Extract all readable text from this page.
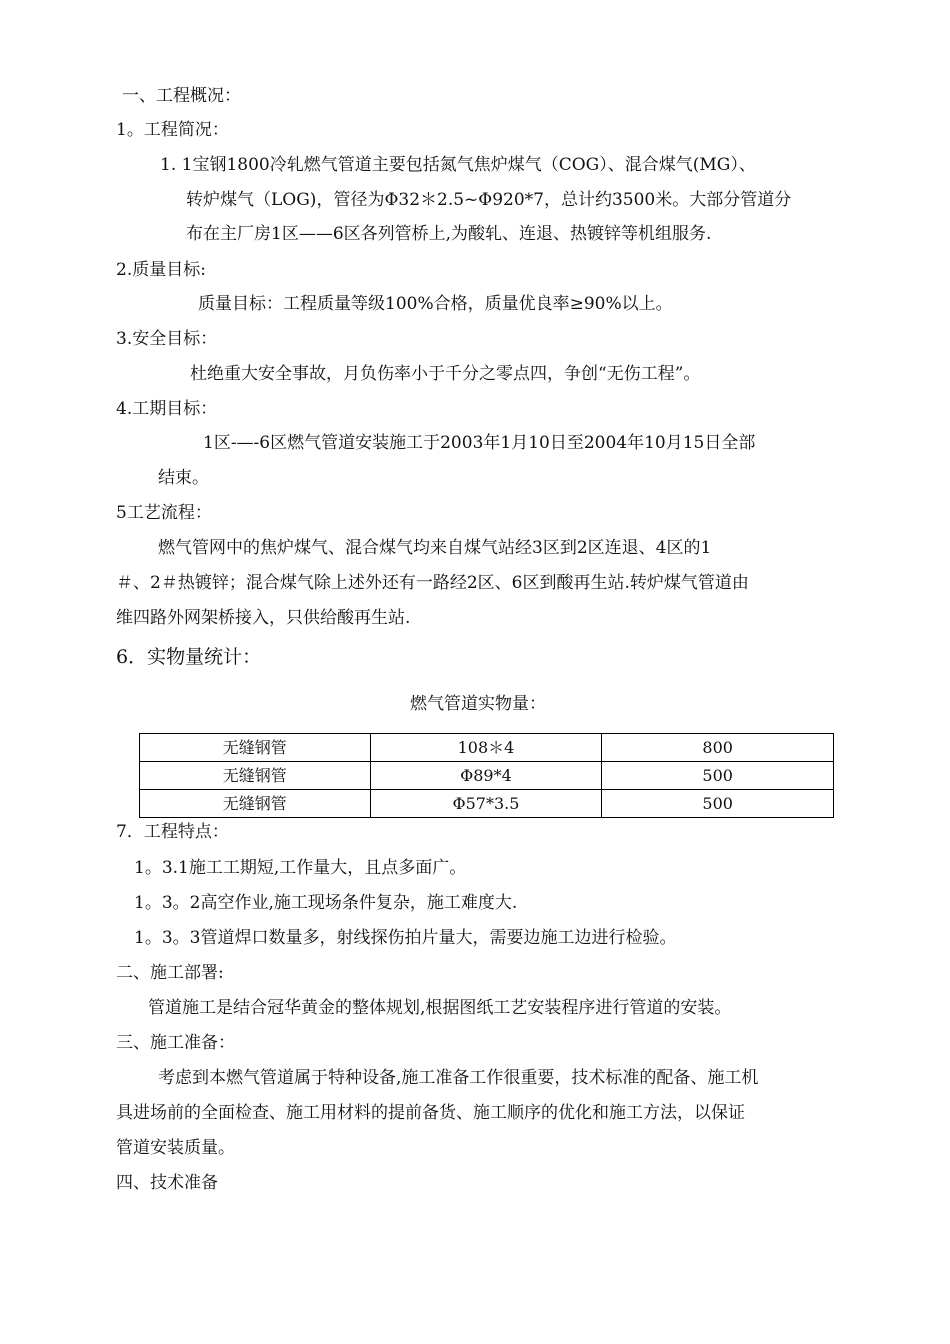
一、工程概况：
1。工程简况：
1. 1宝钢1800冷轧燃气管道主要包括氮气焦炉煤气（COG）、混合煤气(MG）、
转炉煤气（LOG)，管径为Φ32＊2.5~Φ920*7，总计约3500米。大部分管道分
布在主厂房1区——6区各列管桥上,为酸轧、连退、热镀锌等机组服务.
2.质量目标:
质量目标：工程质量等级100%合格，质量优良率≥90%以上。
3.安全目标：
杜绝重大安全事故，月负伤率小于千分之零点四，争创“无伤工程”。
4.工期目标：
1区-—-6区燃气管道安装施工于2003年1月10日至2004年10月15日全部
结束。
5工艺流程：
燃气管网中的焦炉煤气、混合煤气均来自煤气站经3区到2区连退、4区的1
＃、2＃热镀锌；混合煤气除上述外还有一路经2区、6区到酸再生站.转炉煤气管道由
维四路外网架桥接入，只供给酸再生站.
6．实物量统计：
燃气管道实物量：
无缝钢管	108＊4	800
无缝钢管	Φ89*4	500
无缝钢管	Φ57*3.5	500
7．工程特点：
1。3.1施工工期短,工作量大，且点多面广。
1。3。2高空作业,施工现场条件复杂，施工难度大.
1。3。3管道焊口数量多，射线探伤拍片量大，需要边施工边进行检验。
二、施工部署:
管道施工是结合冠华黄金的整体规划,根据图纸工艺安装程序进行管道的安装。
三、施工准备：
考虑到本燃气管道属于特种设备,施工准备工作很重要，技术标准的配备、施工机
具进场前的全面检查、施工用材料的提前备货、施工顺序的优化和施工方法，以保证
管道安装质量。
四、技术准备
